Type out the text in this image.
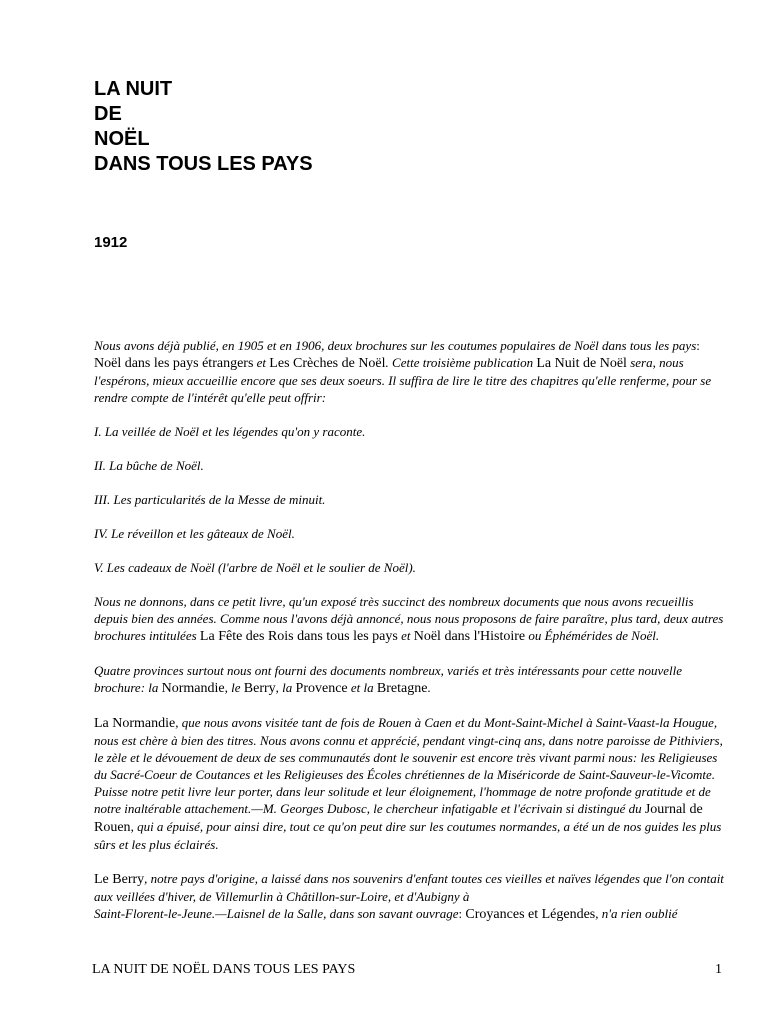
LA NUIT
DE
NOËL
DANS TOUS LES PAYS
1912

Nous avons déjà publié, en 1905 et en 1906, deux brochures sur les coutumes populaires de Noël dans tous les pays: Noël dans les pays étrangers et Les Crèches de Noël. Cette troisième publication La Nuit de Noël sera, nous l'espérons, mieux accueillie encore que ses deux soeurs. Il suffira de lire le titre des chapitres qu'elle renferme, pour se rendre compte de l'intérêt qu'elle peut offrir:

I. La veillée de Noël et les légendes qu'on y raconte.

II. La bûche de Noël.

III. Les particularités de la Messe de minuit.

IV. Le réveillon et les gâteaux de Noël.

V. Les cadeaux de Noël (l'arbre de Noël et le soulier de Noël).

Nous ne donnons, dans ce petit livre, qu'un exposé très succinct des nombreux documents que nous avons recueillis depuis bien des années. Comme nous l'avons déjà annoncé, nous nous proposons de faire paraître, plus tard, deux autres brochures intitulées La Fête des Rois dans tous les pays et Noël dans l'Histoire ou Éphémérides de Noël.

Quatre provinces surtout nous ont fourni des documents nombreux, variés et très intéressants pour cette nouvelle brochure: la Normandie, le Berry, la Provence et la Bretagne.

La Normandie, que nous avons visitée tant de fois de Rouen à Caen et du Mont-Saint-Michel à Saint-Vaast-la Hougue, nous est chère à bien des titres. Nous avons connu et apprécié, pendant vingt-cinq ans, dans notre paroisse de Pithiviers, le zèle et le dévouement de deux de ses communautés dont le souvenir est encore très vivant parmi nous: les Religieuses du Sacré-Coeur de Coutances et les Religieuses des Écoles chrétiennes de la Miséricorde de Saint-Sauveur-le-Vicomte. Puisse notre petit livre leur porter, dans leur solitude et leur éloignement, l'hommage de notre profonde gratitude et de notre inaltérable attachement.—M. Georges Dubosc, le chercheur infatigable et l'écrivain si distingué du Journal de Rouen, qui a épuisé, pour ainsi dire, tout ce qu'on peut dire sur les coutumes normandes, a été un de nos guides les plus sûrs et les plus éclairés.

Le Berry, notre pays d'origine, a laissé dans nos souvenirs d'enfant toutes ces vieilles et naïves légendes que l'on contait aux veillées d'hiver, de Villemurlin à Châtillon-sur-Loire, et d'Aubigny à
Saint-Florent-le-Jeune.—Laisnel de la Salle, dans son savant ouvrage: Croyances et Légendes, n'a rien oublié

LA NUIT DE NOËL DANS TOUS LES PAYS	1
